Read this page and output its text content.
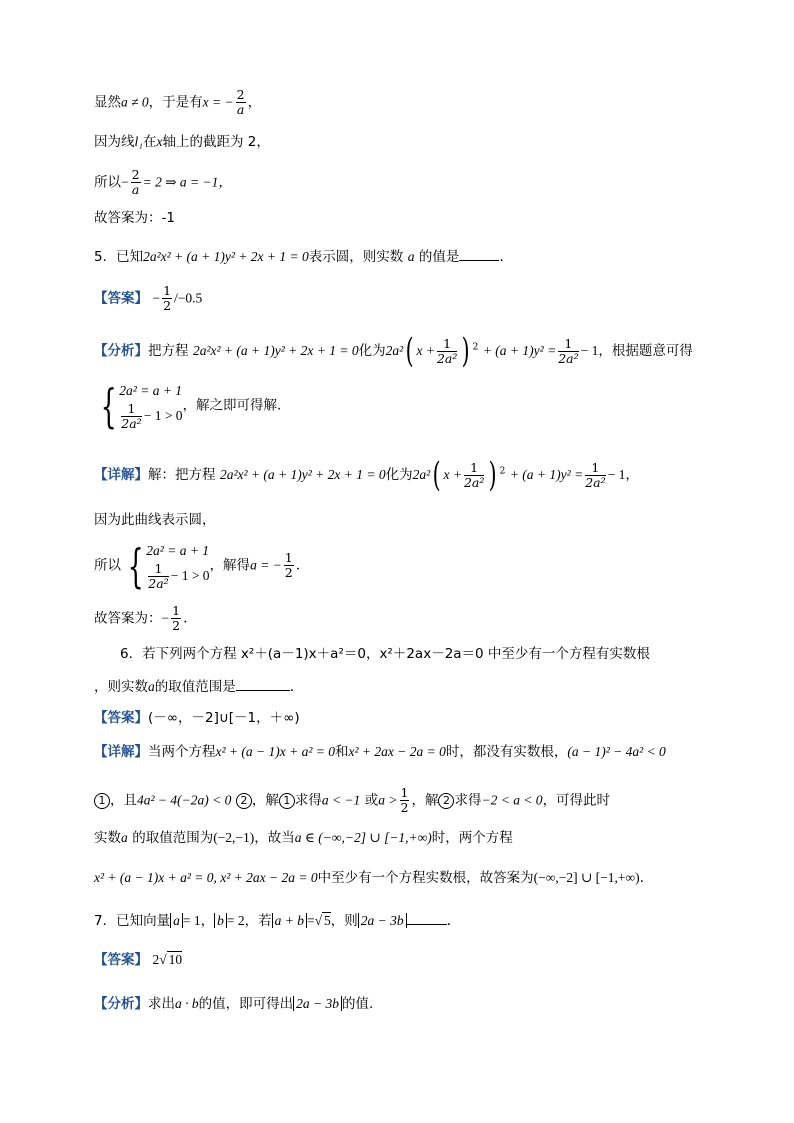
显然a ≠ 0，于是有x = − $\frac{2}{a}$ ，
因为线l₁在x轴上的截距为 2，
所以− $\frac{2}{a} = 2$ ⇒ a = −1，
故答案为：-1
5．已知2a²x² + (a + 1)y² + 2x + 1 = 0表示圆，则实数 a 的值是	.
【答案】 − $\frac{1}{2} /-0.5$
【分析】把方程 2a²x² + (a + 1)y² + 2x + 1 = 0化为2a²( $x + \frac{1}{\text{2a²}}$ ) $^2 + (a + 1)y^2 = \frac{1}{\text{2a²}} - 1$，根据题意可得
{ 2a² = a + 1
$\frac{1}{\text{2a²}} - 1 > 0$
，解之即可得解.
【详解】解：把方程 2a²x² + (a + 1)y² + 2x + 1 = 0化为2a²( $x + \frac{1}{\text{2a²}}$ ) $^2 + (a + 1)y^2 = \frac{1}{\text{2a²}} - 1$，
因为此曲线表示圆，
所以 { 2a² = a + 1
$\frac{1}{\text{2a²}} - 1 > 0$
，解得a = − $\frac{1}{2}$ .
故答案为：− $\frac{1}{2}$ .
6．若下列两个方程 x²＋(a－1)x＋a²＝0，x²＋2ax－2a＝0 中至少有一个方程有实数根
，则实数a的取值范围是	.
【答案】(－∞，－2]∪[－1，＋∞)
【详解】当两个方程x² + (a − 1)x + a² = 0和x² + 2ax − 2a = 0时，都没有实数根，(a − 1)² − 4a² < 0
1 ，且4a² − 4(−2a) < 0 2 ，解 1 求得a < −1 或$a > \frac{1}{2}$ ，解 2 求得−2 < a < 0，可得此时
实数a 的取值范围为(−2,−1)，故当a ∈ (−∞,−2] ∪ [−1,+∞)时，两个方程
x² + (a − 1)x + a² = 0, x² + 2ax − 2a = 0中至少有一个方程实数根，故答案为(−∞,−2] ∪ [−1,+∞).
7．已知向量 a = 1， b = 2，若 a + b =√ 5，则 2a − 3b	.
【答案】 2√ 10
【分析】求出a · b的值，即可得出 2a − 3b 的值.
